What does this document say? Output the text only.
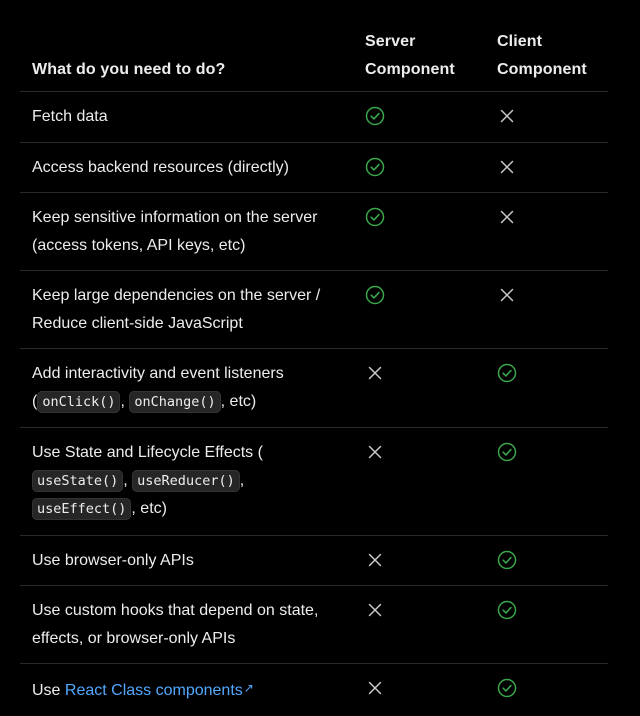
What do you need to do?
Server
Component
Client
Component
Fetch data
Access backend resources (directly)
Keep sensitive information on the server (access tokens, API keys, etc)
Keep large dependencies on the server / Reduce client-side JavaScript
Add interactivity and event listeners ( onClick() , onChange() , etc)
Use State and Lifecycle Effects (
useState() , useReducer() ,
useEffect() , etc)
Use browser-only APIs
Use custom hooks that depend on state, effects, or browser-only APIs
Use React Class components↗
